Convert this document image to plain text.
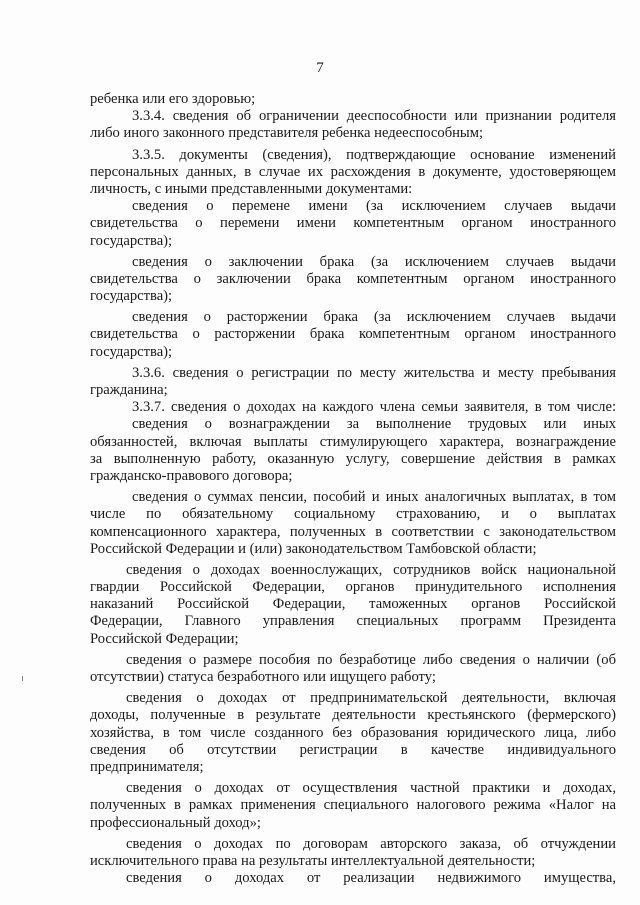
7
ребенка или его здоровью;
3.3.4. сведения об ограничении дееспособности или признании родителя
либо иного законного представителя ребенка недееспособным;
3.3.5. документы (сведения), подтверждающие основание изменений
персональных данных, в случае их расхождения в документе, удостоверяющем
личность, с иными представленными документами:
сведения о перемене имени (за исключением случаев выдачи
свидетельства о перемени имени компетентным органом иностранного
государства);
сведения о заключении брака (за исключением случаев выдачи
свидетельства о заключении брака компетентным органом иностранного
государства);
сведения о расторжении брака (за исключением случаев выдачи
свидетельства о расторжении брака компетентным органом иностранного
государства);
3.3.6. сведения о регистрации по месту жительства и месту пребывания
гражданина;
3.3.7. сведения о доходах на каждого члена семьи заявителя, в том числе:
сведения о вознаграждении за выполнение трудовых или иных
обязанностей, включая выплаты стимулирующего характера, вознаграждение
за выполненную работу, оказанную услугу, совершение действия в рамках
гражданско-правового договора;
сведения о суммах пенсии, пособий и иных аналогичных выплатах, в том
числе по обязательному социальному страхованию, и о выплатах
компенсационного характера, полученных в соответствии с законодательством
Российской Федерации и (или) законодательством Тамбовской области;
сведения о доходах военнослужащих, сотрудников войск национальной
гвардии Российской Федерации, органов принудительного исполнения
наказаний Российской Федерации, таможенных органов Российской
Федерации, Главного управления специальных программ Президента
Российской Федерации;
сведения о размере пособия по безработице либо сведения о наличии (об
отсутствии) статуса безработного или ищущего работу;
сведения о доходах от предпринимательской деятельности, включая
доходы, полученные в результате деятельности крестьянского (фермерского)
хозяйства, в том числе созданного без образования юридического лица, либо
сведения об отсутствии регистрации в качестве индивидуального
предпринимателя;
сведения о доходах от осуществления частной практики и доходах,
полученных в рамках применения специального налогового режима «Налог на
профессиональный доход»;
сведения о доходах по договорам авторского заказа, об отчуждении
исключительного права на результаты интеллектуальной деятельности;
сведения о доходах от реализации недвижимого имущества,
